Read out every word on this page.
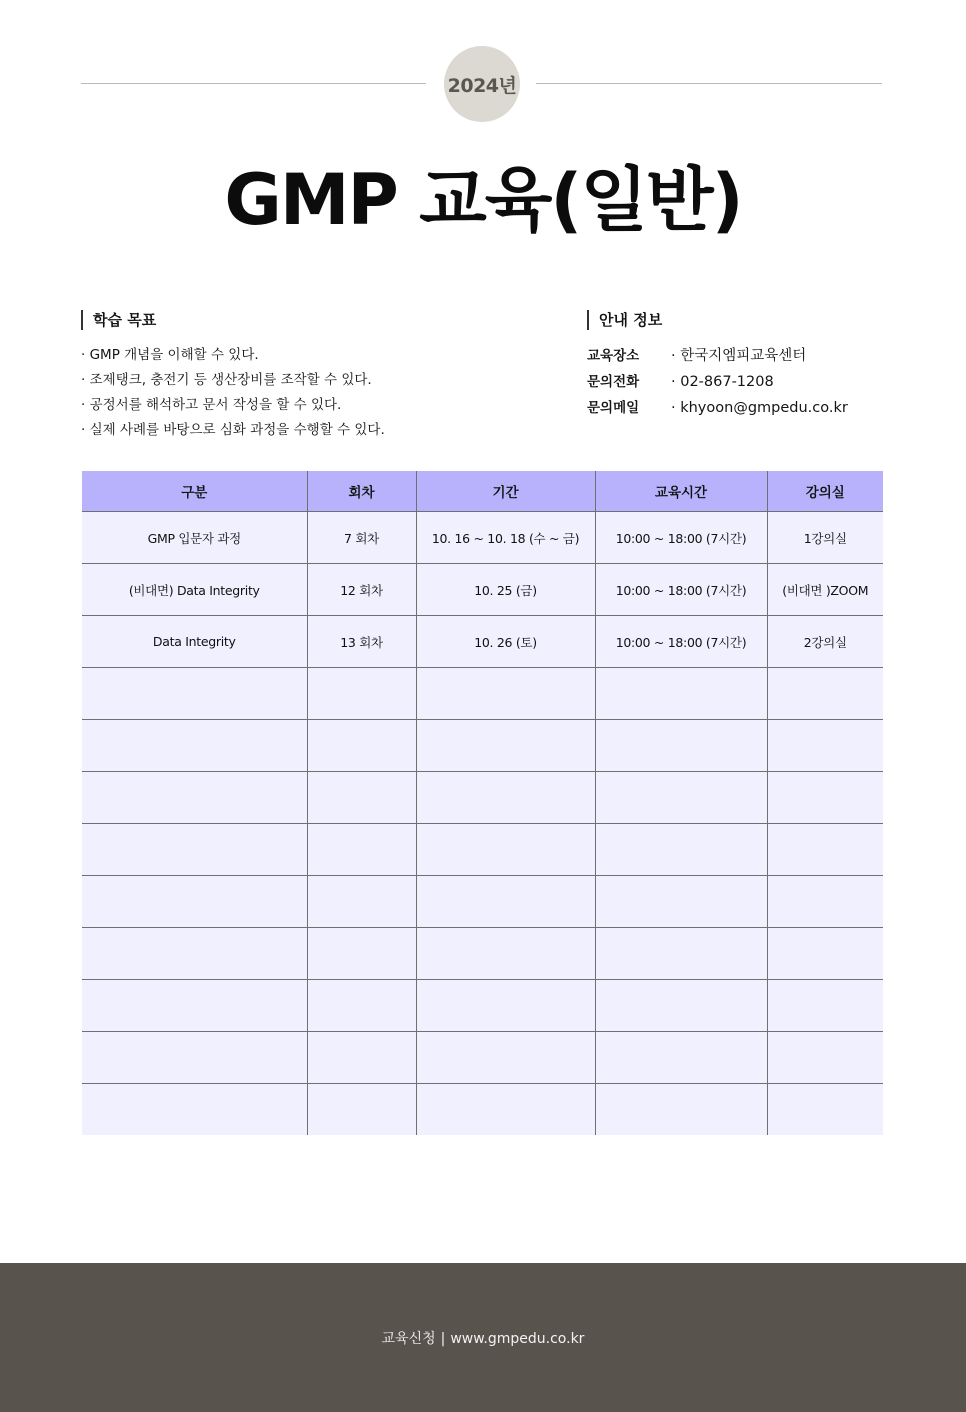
2024년
GMP 교육(일반)
학습 목표
· GMP 개념을 이해할 수 있다.
· 조제탱크, 충전기 등 생산장비를 조작할 수 있다.
· 공정서를 해석하고 문서 작성을 할 수 있다.
· 실제 사례를 바탕으로 심화 과정을 수행할 수 있다.
안내 정보
교육장소	· 한국지엠피교육센터
문의전화	· 02-867-1208
문의메일	· khyoon@gmpedu.co.kr
구분	회차	기간	교육시간	강의실
GMP 입문자 과정	7 회차	10. 16 ~ 10. 18 (수 ~ 금)	10:00 ~ 18:00 (7시간)	1강의실
(비대면) Data Integrity	12 회차	10. 25 (금)	10:00 ~ 18:00 (7시간)	(비대면 )ZOOM
Data Integrity	13 회차	10. 26 (토)	10:00 ~ 18:00 (7시간)	2강의실

교육신청 | www.gmpedu.co.kr
